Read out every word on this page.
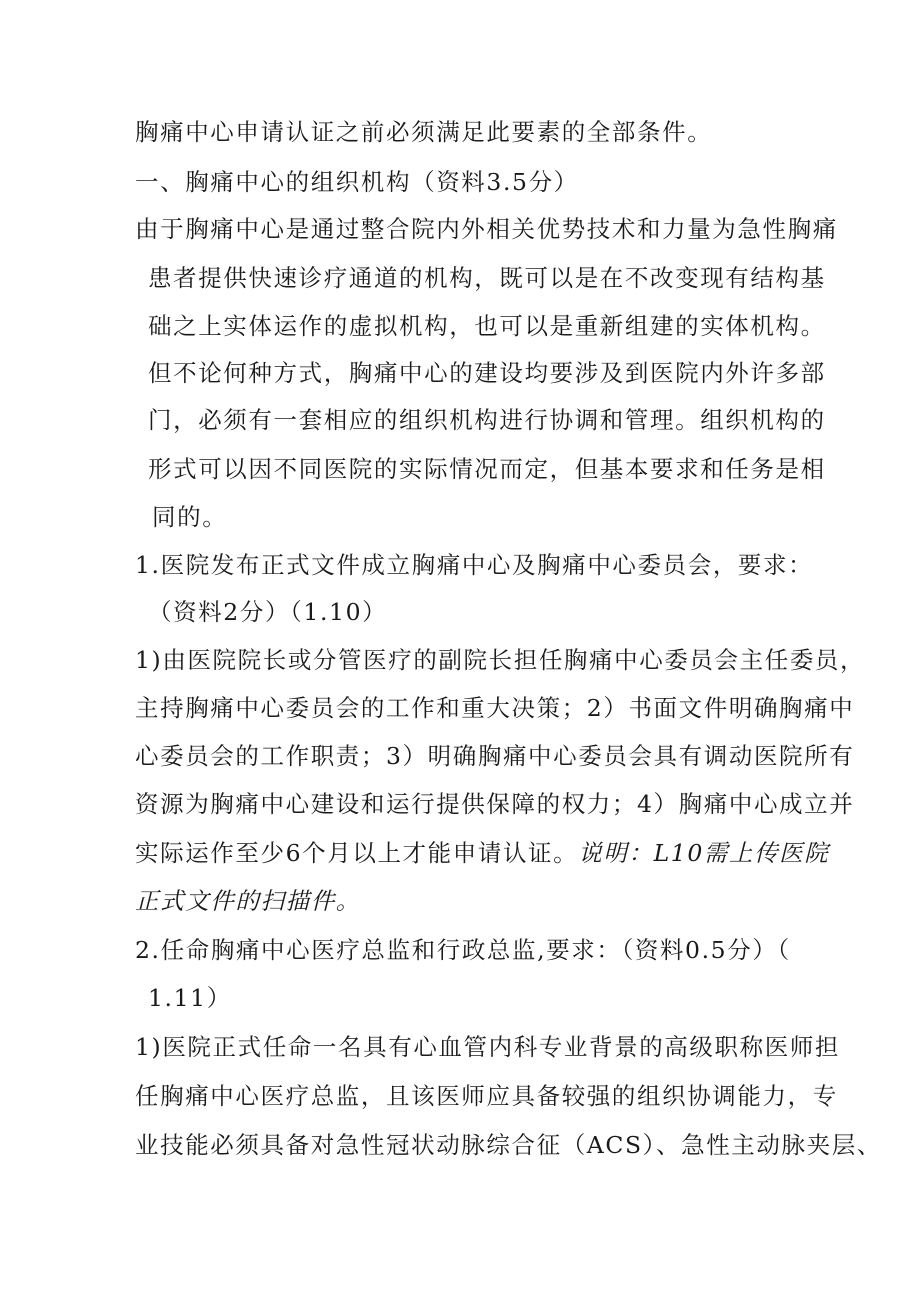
胸痛中心申请认证之前必须满足此要素的全部条件。
一、胸痛中心的组织机构（资料3.5分）
由于胸痛中心是通过整合院内外相关优势技术和力量为急性胸痛
患者提供快速诊疗通道的机构，既可以是在不改变现有结构基
础之上实体运作的虚拟机构，也可以是重新组建的实体机构。
但不论何种方式，胸痛中心的建设均要涉及到医院内外许多部
门，必须有一套相应的组织机构进行协调和管理。组织机构的
形式可以因不同医院的实际情况而定，但基本要求和任务是相
同的。
1.医院发布正式文件成立胸痛中心及胸痛中心委员会，要求：
（资料2分）（1.10）
1)由医院院长或分管医疗的副院长担任胸痛中心委员会主任委员，
主持胸痛中心委员会的工作和重大决策；2）书面文件明确胸痛中
心委员会的工作职责；3）明确胸痛中心委员会具有调动医院所有
资源为胸痛中心建设和运行提供保障的权力；4）胸痛中心成立并
实际运作至少6个月以上才能申请认证。说明：L10需上传医院
正式文件的扫描件。
2.任命胸痛中心医疗总监和行政总监,要求：（资料0.5分）（
1.11）
1)医院正式任命一名具有心血管内科专业背景的高级职称医师担
任胸痛中心医疗总监，且该医师应具备较强的组织协调能力，专
业技能必须具备对急性冠状动脉综合征（ACS）、急性主动脉夹层、
